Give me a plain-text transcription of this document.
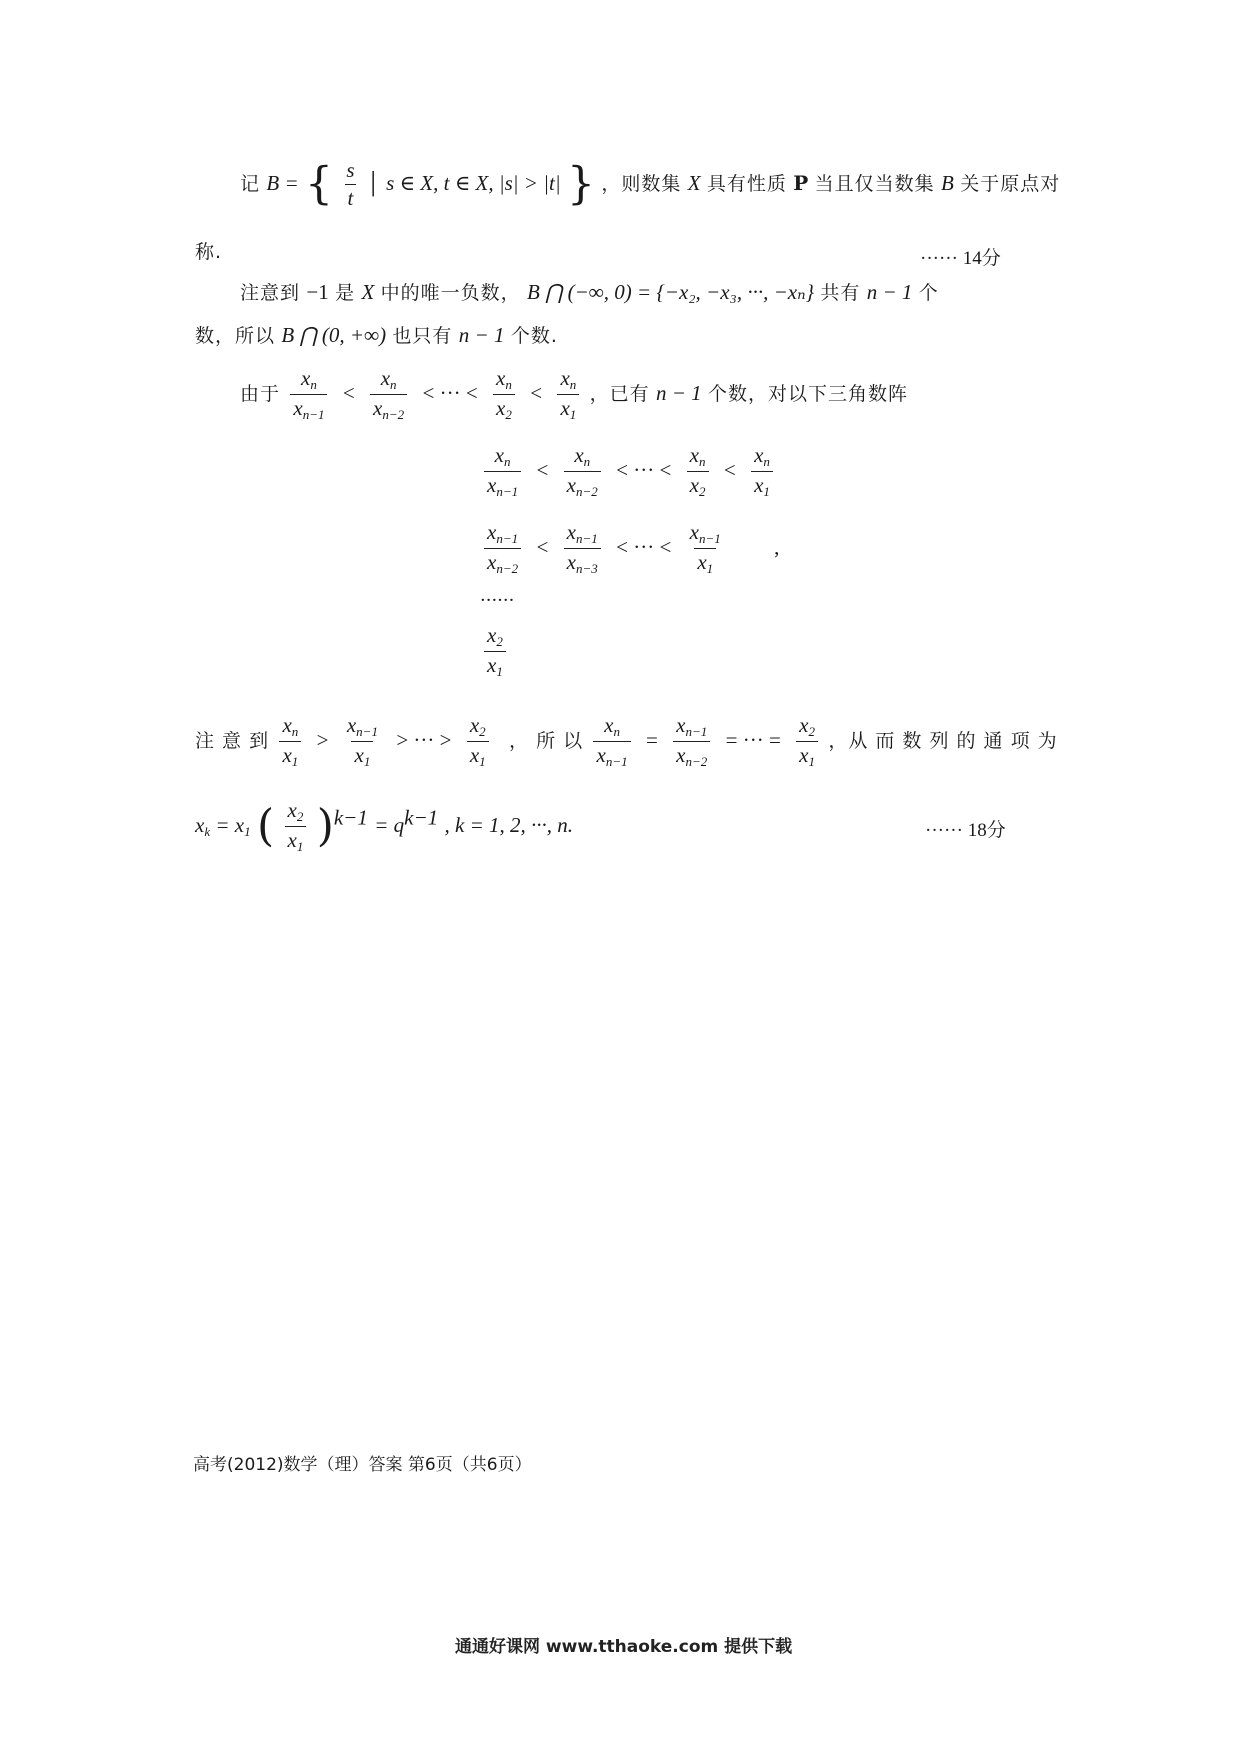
记 B = { $\frac{s}{t}$ │ s ∈ X, t ∈ X, |s| > |t| } ，则数集 X 具有性质 P 当且仅当数集 B 关于原点对
称.	······ 14分
注意到 −1 是 X 中的唯一负数， B ⋂ (−∞, 0) = {−x₂, −x₃, ···, −xₙ} 共有 n − 1 个
数，所以 B ⋂ (0, +∞) 也只有 n − 1 个数.
由于 $\frac{x_n}{x_{n-1}} < \frac{x_n}{x_{n-2}}$ < ··· < $\frac{x_n}{x_2} < \frac{x_n}{x_1}$ ，已有 n − 1 个数，对以下三角数阵
$\frac{x_n}{x_{n-1}} < \frac{x_n}{x_{n-2}}$ < ··· < $\frac{x_n}{x_2} < \frac{x_n}{x_1}$
$\frac{x_{n-1}}{x_{n-2}} < \frac{x_{n-1}}{x_{n-3}}$ < ··· < $\frac{x_{n-1}}{x_1}$ ,
······
$\frac{x_2}{x_1}$
注 意 到 $\frac{x_n}{x_1} > \frac{x_{n-1}}{x_1}$ > ··· > $\frac{x_2}{x_1}$ ， 所 以 $\frac{x_n}{x_{n-1}} = \frac{x_{n-1}}{x_{n-2}}$ = ··· = $\frac{x_2}{x_1}$ ，从 而 数 列 的 通 项 为
$x_k = x_1$ ( $\frac{x_2}{x_1} )^{k-1} = q^{k-1}$ , k = 1, 2, ···, n.	······ 18分
高考(2012)数学（理）答案 第6页（共6页）
通通好课网 www.tthaoke.com 提供下载
